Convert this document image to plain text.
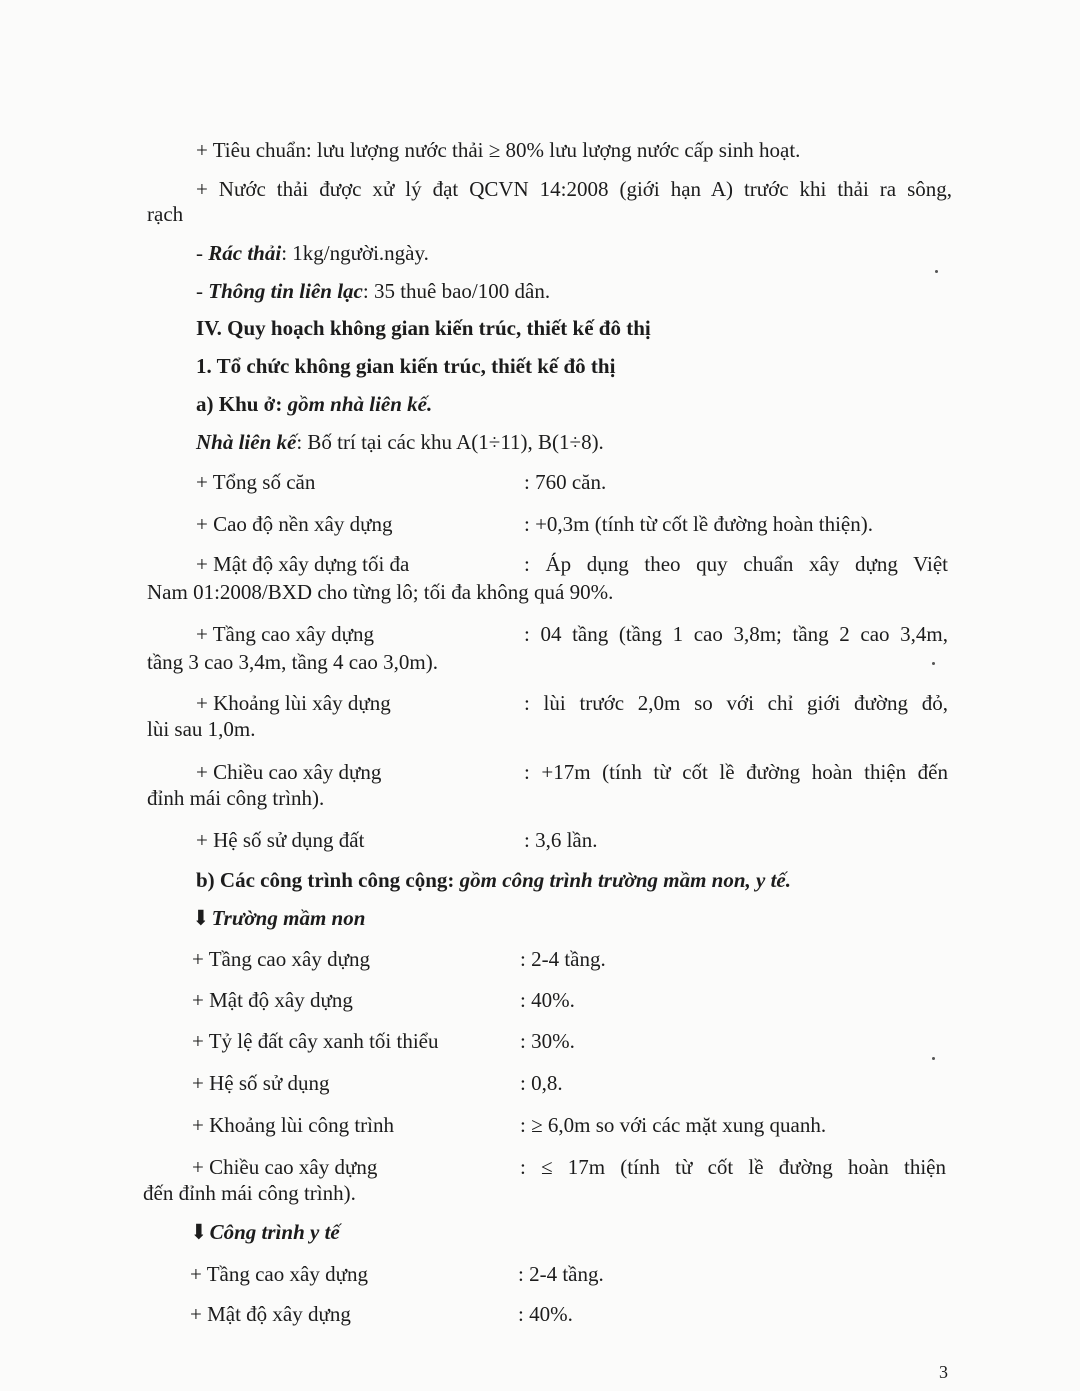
+ Tiêu chuẩn: lưu lượng nước thải ≥ 80% lưu lượng nước cấp sinh hoạt.
+ Nước thải được xử lý đạt QCVN 14:2008 (giới hạn A) trước khi thải ra sông,
rạch
- Rác thải: 1kg/người.ngày.
- Thông tin liên lạc: 35 thuê bao/100 dân.
IV. Quy hoạch không gian kiến trúc, thiết kế đô thị
1. Tổ chức không gian kiến trúc, thiết kế đô thị
a) Khu ở: gồm nhà liên kế.
Nhà liên kế: Bố trí tại các khu A(1÷11), B(1÷8).
+ Tổng số căn	: 760 căn.
+ Cao độ nền xây dựng	: +0,3m (tính từ cốt lề đường hoàn thiện).
+ Mật độ xây dựng tối đa	: Áp dụng theo quy chuẩn xây dựng Việt
Nam 01:2008/BXD cho từng lô; tối đa không quá 90%.
+ Tầng cao xây dựng	: 04 tầng (tầng 1 cao 3,8m; tầng 2 cao 3,4m,
tầng 3 cao 3,4m, tầng 4 cao 3,0m).
+ Khoảng lùi xây dựng	: lùi trước 2,0m so với chỉ giới đường đỏ,
lùi sau 1,0m.
+ Chiều cao xây dựng	: +17m (tính từ cốt lề đường hoàn thiện đến
đỉnh mái công trình).
+ Hệ số sử dụng đất	: 3,6 lần.
b) Các công trình công cộng: gồm công trình trường mầm non, y tế.
⬇︎Trường mầm non
+ Tầng cao xây dựng	: 2-4 tầng.
+ Mật độ xây dựng	: 40%.
+ Tỷ lệ đất cây xanh tối thiểu	: 30%.
+ Hệ số sử dụng	: 0,8.
+ Khoảng lùi công trình	: ≥ 6,0m so với các mặt xung quanh.
+ Chiều cao xây dựng	: ≤ 17m (tính từ cốt lề đường hoàn thiện
đến đỉnh mái công trình).
⬇︎Công trình y tế
+ Tầng cao xây dựng	: 2-4 tầng.
+ Mật độ xây dựng	: 40%.
3
